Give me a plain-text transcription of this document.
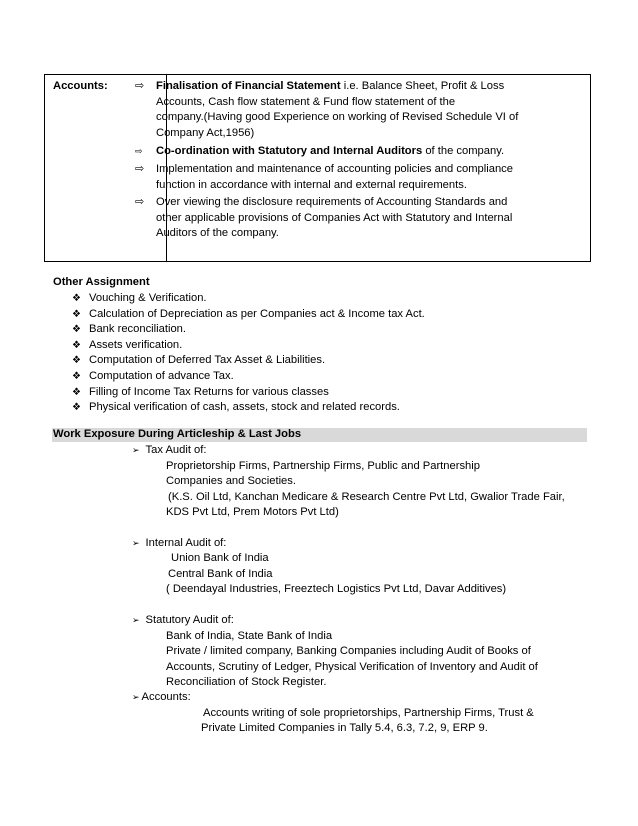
Accounts: ⇨	Finalisation of Financial Statement i.e. Balance Sheet, Profit & Loss
Accounts, Cash flow statement & Fund flow statement of the
company.(Having good Experience on working of Revised Schedule VI of
Company Act,1956)
⇨	Co-ordination with Statutory and Internal Auditors of the company.
⇨	Implementation and maintenance of accounting policies and compliance
function in accordance with internal and external requirements.
⇨	Over viewing the disclosure requirements of Accounting Standards and
other applicable provisions of Companies Act with Statutory and Internal
Auditors of the company.
Other Assignment
❖ Vouching & Verification.
❖ Calculation of Depreciation as per Companies act & Income tax Act.
❖ Bank reconciliation.
❖ Assets verification.
❖ Computation of Deferred Tax Asset & Liabilities.
❖ Computation of advance Tax.
❖ Filling of Income Tax Returns for various classes
❖ Physical verification of cash, assets, stock and related records.
Work Exposure During Articleship & Last Jobs
➢ Tax Audit of:
Proprietorship Firms, Partnership Firms, Public and Partnership
Companies and Societies.
(K.S. Oil Ltd, Kanchan Medicare & Research Centre Pvt Ltd, Gwalior Trade Fair,
KDS Pvt Ltd, Prem Motors Pvt Ltd)
➢ Internal Audit of:
Union Bank of India
Central Bank of India
( Deendayal Industries, Freeztech Logistics Pvt Ltd, Davar Additives)
➢ Statutory Audit of:
Bank of India, State Bank of India
Private / limited company, Banking Companies including Audit of Books of
Accounts, Scrutiny of Ledger, Physical Verification of Inventory and Audit of
Reconciliation of Stock Register.
➢ Accounts:
Accounts writing of sole proprietorships, Partnership Firms, Trust &
Private Limited Companies in Tally 5.4, 6.3, 7.2, 9, ERP 9.
